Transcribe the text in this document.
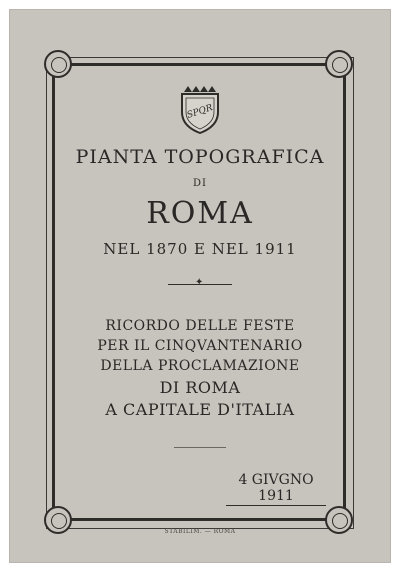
SPQR
PIANTA TOPOGRAFICA
DI
ROMA
NEL 1870 E NEL 1911
✦
RICORDO DELLE FESTE
PER IL CINQVANTENARIO
DELLA PROCLAMAZIONE
DI ROMA
A CAPITALE D'ITALIA
4 GIVGNO 1911
STABILIM. — ROMA
